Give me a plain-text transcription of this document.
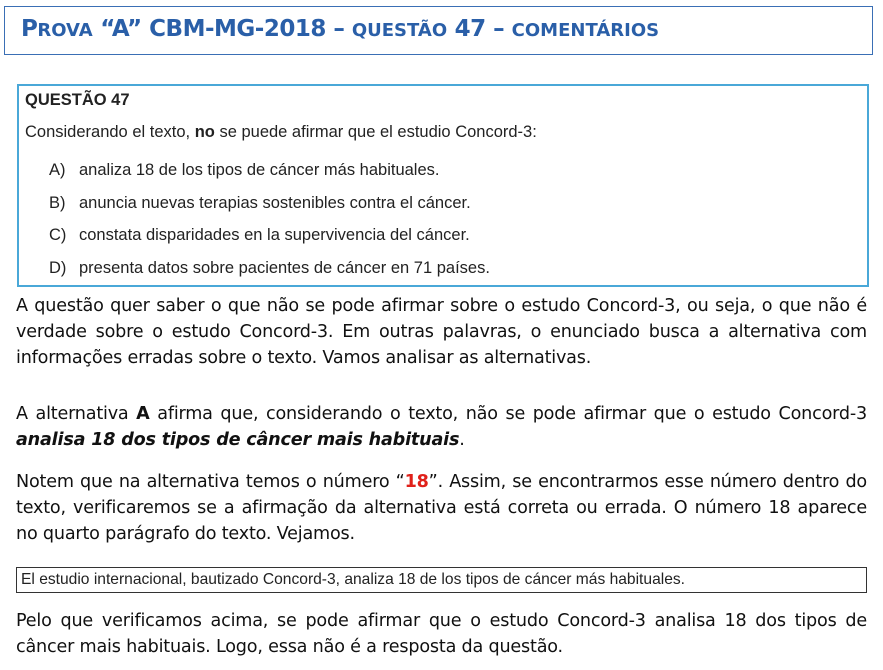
PROVA “A” CBM-MG-2018 – QUESTÃO 47 – COMENTÁRIOS
QUESTÃO 47
Considerando el texto, no se puede afirmar que el estudio Concord-3:
A) analiza 18 de los tipos de cáncer más habituales.
B) anuncia nuevas terapias sostenibles contra el cáncer.
C) constata disparidades en la supervivencia del cáncer.
D) presenta datos sobre pacientes de cáncer en 71 países.

A questão quer saber o que não se pode afirmar sobre o estudo Concord-3, ou seja, o que não é verdade sobre o estudo Concord-3. Em outras palavras, o enunciado busca a alternativa com informações erradas sobre o texto. Vamos analisar as alternativas.

A alternativa A afirma que, considerando o texto, não se pode afirmar que o estudo Concord-3 analisa 18 dos tipos de câncer mais habituais.

Notem que na alternativa temos o número “18”. Assim, se encontrarmos esse número dentro do texto, verificaremos se a afirmação da alternativa está correta ou errada. O número 18 aparece no quarto parágrafo do texto. Vejamos.

El estudio internacional, bautizado Concord-3, analiza 18 de los tipos de cáncer más habituales.

Pelo que verificamos acima, se pode afirmar que o estudo Concord-3 analisa 18 dos tipos de câncer mais habituais. Logo, essa não é a resposta da questão.
